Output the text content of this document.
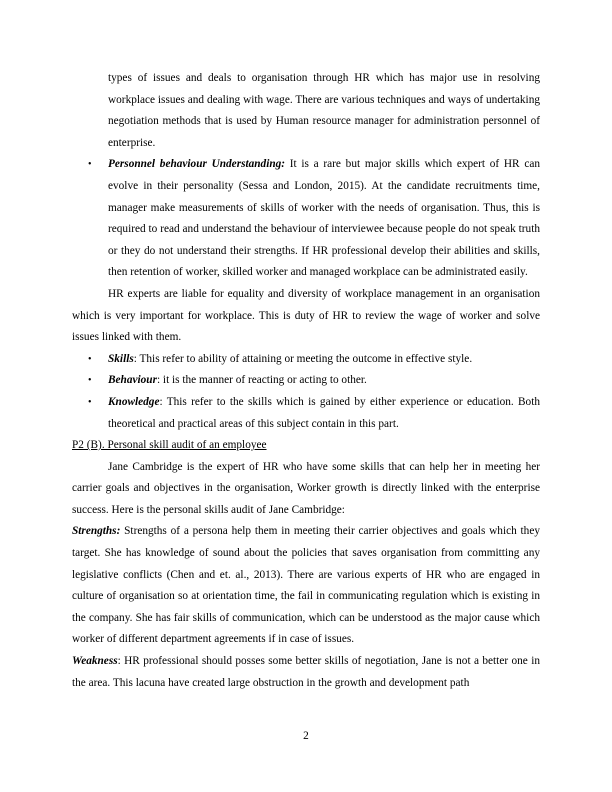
types of issues and deals to organisation through HR which has major use in resolving workplace issues and dealing with wage. There are various techniques and ways of undertaking negotiation methods that is used by Human resource manager for administration personnel of enterprise.

• Personnel behaviour Understanding: It is a rare but major skills which expert of HR can evolve in their personality (Sessa and London, 2015). At the candidate recruitments time, manager make measurements of skills of worker with the needs of organisation. Thus, this is required to read and understand the behaviour of interviewee because people do not speak truth or they do not understand their strengths. If HR professional develop their abilities and skills, then retention of worker, skilled worker and managed workplace can be administrated easily.

HR experts are liable for equality and diversity of workplace management in an organisation which is very important for workplace. This is duty of HR to review the wage of worker and solve issues linked with them.

• Skills: This refer to ability of attaining or meeting the outcome in effective style.
• Behaviour: it is the manner of reacting or acting to other.
• Knowledge: This refer to the skills which is gained by either experience or education. Both theoretical and practical areas of this subject contain in this part.

P2 (B). Personal skill audit of an employee

Jane Cambridge is the expert of HR who have some skills that can help her in meeting her carrier goals and objectives in the organisation, Worker growth is directly linked with the enterprise success. Here is the personal skills audit of Jane Cambridge:

Strengths: Strengths of a persona help them in meeting their carrier objectives and goals which they target. She has knowledge of sound about the policies that saves organisation from committing any legislative conflicts (Chen and et. al., 2013). There are various experts of HR who are engaged in culture of organisation so at orientation time, the fail in communicating regulation which is existing in the company. She has fair skills of communication, which can be understood as the major cause which worker of different department agreements if in case of issues.

Weakness: HR professional should posses some better skills of negotiation, Jane is not a better one in the area. This lacuna have created large obstruction in the growth and development path

2
